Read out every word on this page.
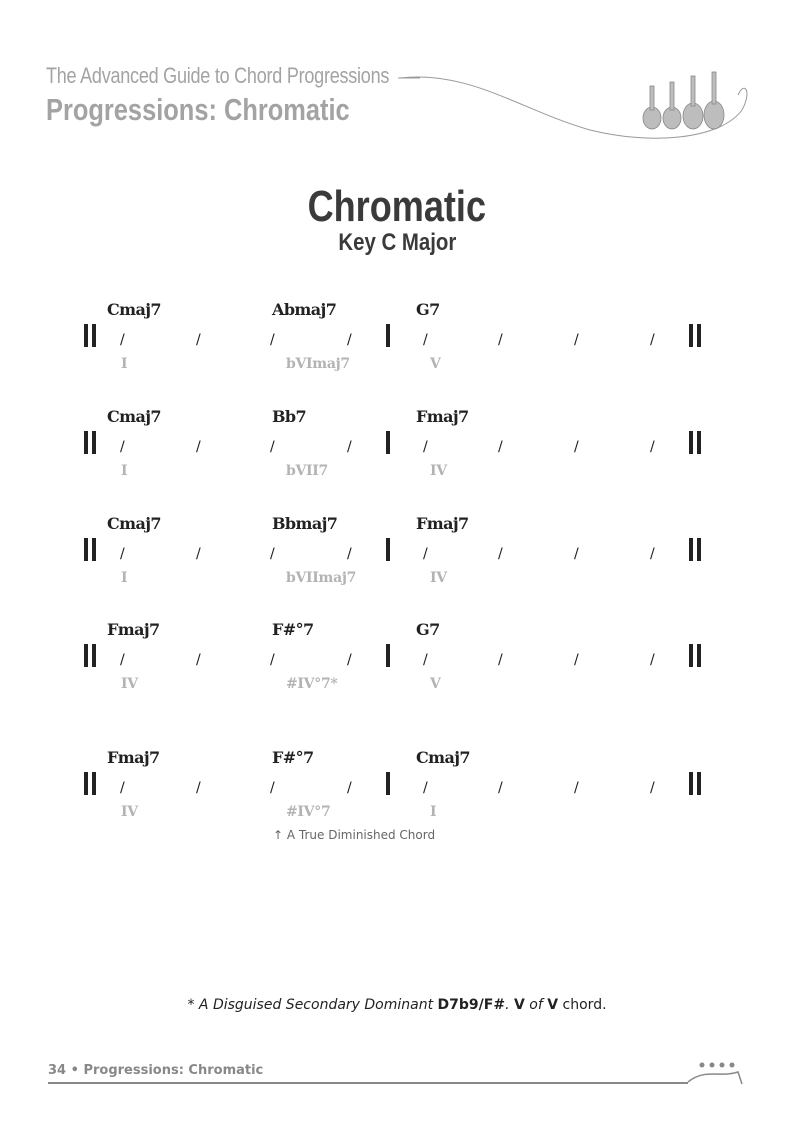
The Advanced Guide to Chord Progressions
Progressions: Chromatic
Chromatic
Key C Major
Cmaj7	Abmaj7	G7
I	bVImaj7	V
/	/	/	/	/	/	/	/
Cmaj7	Bb7	Fmaj7
I	bVII7	IV
/	/	/	/	/	/	/	/
Cmaj7	Bbmaj7	Fmaj7
I	bVIImaj7	IV
/	/	/	/	/	/	/	/
Fmaj7	F#°7	G7
IV	#IV°7*	V
/	/	/	/	/	/	/	/
Fmaj7	F#°7	Cmaj7
IV	#IV°7	I
/	/	/	/	/	/	/	/
↑ A True Diminished Chord
* A Disguised Secondary Dominant D7b9/F#. V of V chord.
34 • Progressions: Chromatic
